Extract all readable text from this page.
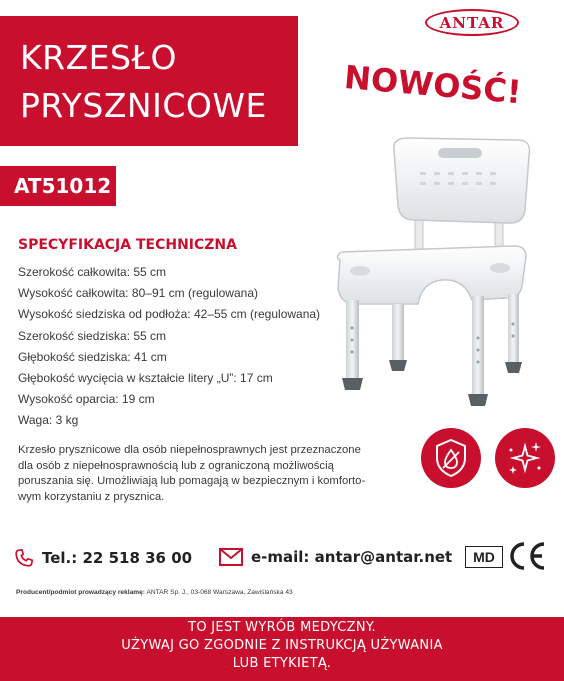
ANTAR
KRZESŁO
PRYSZNICOWE NOWOŚĆ!
AT51012
SPECYFIKACJA TECHNICZNA
Szerokość całkowita: 55 cm
Wysokość całkowita: 80–91 cm (regulowana)
Wysokość siedziska od podłoża: 42–55 cm (regulowana)
Szerokość siedziska: 55 cm
Głębokość siedziska: 41 cm
Głębokość wycięcia w kształcie litery „U”: 17 cm
Wysokość oparcia: 19 cm
Waga: 3 kg
Krzesło prysznicowe dla osób niepełnosprawnych jest przeznaczone
dla osób z niepełnosprawnością lub z ograniczoną możliwością
poruszania się. Umożliwiają lub pomagają w bezpiecznym i komforto-
wym korzystaniu z prysznica.
Tel.: 22 518 36 00	e-mail: antar@antar.net	MD
Producent/podmiot prowadzący reklamę: ANTAR Sp. J., 03-068 Warszawa, Zawiślańska 43
TO JEST WYRÓB MEDYCZNY.
UŻYWAJ GO ZGODNIE Z INSTRUKCJĄ UŻYWANIA
LUB ETYKIETĄ.
